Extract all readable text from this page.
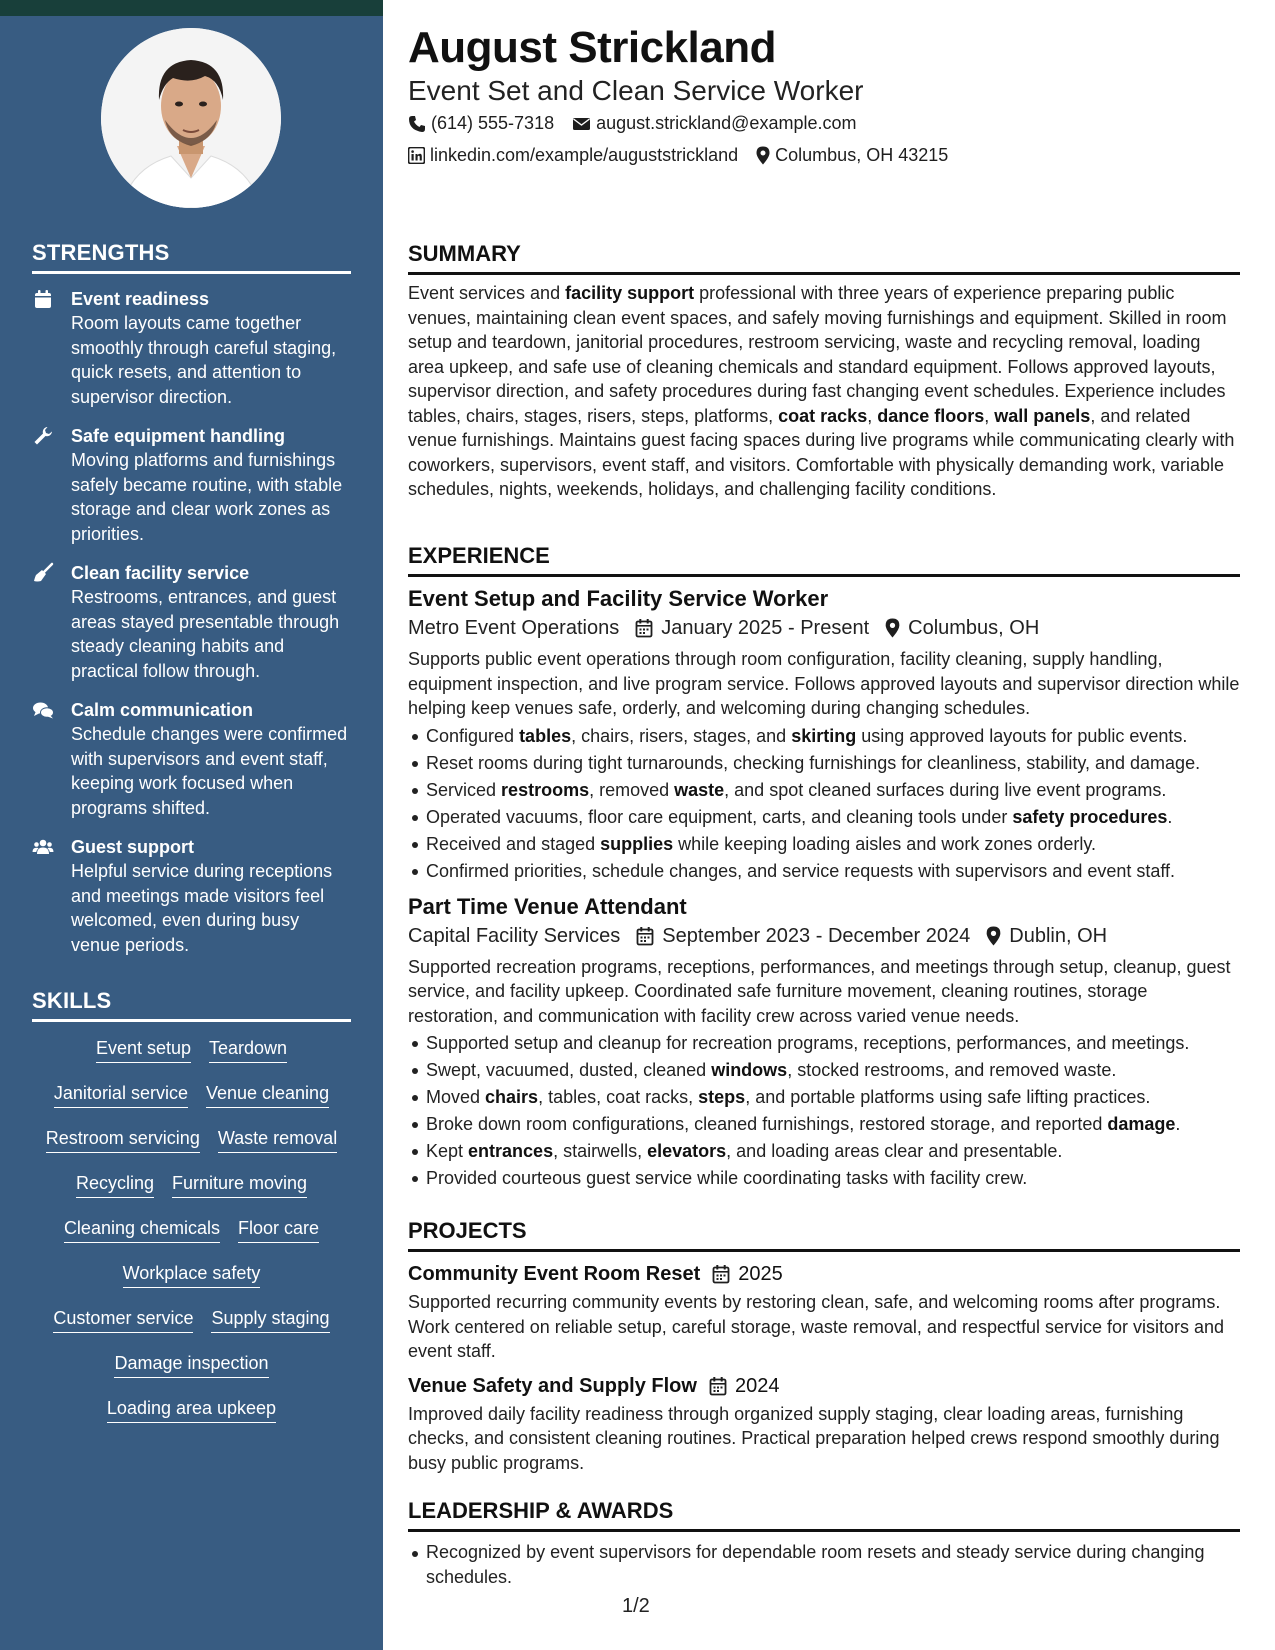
STRENGTHS
Event readiness
Room layouts came together smoothly through careful staging, quick resets, and attention to supervisor direction.
Safe equipment handling
Moving platforms and furnishings safely became routine, with stable storage and clear work zones as priorities.
Clean facility service
Restrooms, entrances, and guest areas stayed presentable through steady cleaning habits and practical follow through.
Calm communication
Schedule changes were confirmed with supervisors and event staff, keeping work focused when programs shifted.
Guest support
Helpful service during receptions and meetings made visitors feel welcomed, even during busy venue periods.
SKILLS
Event setup Teardown
Janitorial service Venue cleaning
Restroom servicing Waste removal
Recycling Furniture moving
Cleaning chemicals Floor care
Workplace safety
Customer service Supply staging
Damage inspection
Loading area upkeep
August Strickland
Event Set and Clean Service Worker
(614) 555-7318 august.strickland@example.com
linkedin.com/example/auguststrickland Columbus, OH 43215
SUMMARY

Event services and facility support professional with three years of experience preparing public venues, maintaining clean event spaces, and safely moving furnishings and equipment. Skilled in room setup and teardown, janitorial procedures, restroom servicing, waste and recycling removal, loading area upkeep, and safe use of cleaning chemicals and standard equipment. Follows approved layouts, supervisor direction, and safety procedures during fast changing event schedules. Experience includes tables, chairs, stages, risers, steps, platforms, coat racks, dance floors, wall panels, and related venue furnishings. Maintains guest facing spaces during live programs while communicating clearly with coworkers, supervisors, event staff, and visitors. Comfortable with physically demanding work, variable schedules, nights, weekends, holidays, and challenging facility conditions.

EXPERIENCE
Event Setup and Facility Service Worker
Metro Event Operations January 2025 - Present Columbus, OH

Supports public event operations through room configuration, facility cleaning, supply handling, equipment inspection, and live program service. Follows approved layouts and supervisor direction while helping keep venues safe, orderly, and welcoming during changing schedules.

Configured tables, chairs, risers, stages, and skirting using approved layouts for public events.
Reset rooms during tight turnarounds, checking furnishings for cleanliness, stability, and damage.
Serviced restrooms, removed waste, and spot cleaned surfaces during live event programs.
Operated vacuums, floor care equipment, carts, and cleaning tools under safety procedures.
Received and staged supplies while keeping loading aisles and work zones orderly.
Confirmed priorities, schedule changes, and service requests with supervisors and event staff.
Part Time Venue Attendant
Capital Facility Services September 2023 - December 2024 Dublin, OH

Supported recreation programs, receptions, performances, and meetings through setup, cleanup, guest service, and facility upkeep. Coordinated safe furniture movement, cleaning routines, storage restoration, and communication with facility crew across varied venue needs.

Supported setup and cleanup for recreation programs, receptions, performances, and meetings.
Swept, vacuumed, dusted, cleaned windows, stocked restrooms, and removed waste.
Moved chairs, tables, coat racks, steps, and portable platforms using safe lifting practices.
Broke down room configurations, cleaned furnishings, restored storage, and reported damage.
Kept entrances, stairwells, elevators, and loading areas clear and presentable.
Provided courteous guest service while coordinating tasks with facility crew.
PROJECTS
Community Event Room Reset 2025

Supported recurring community events by restoring clean, safe, and welcoming rooms after programs. Work centered on reliable setup, careful storage, waste removal, and respectful service for visitors and event staff.

Venue Safety and Supply Flow 2024

Improved daily facility readiness through organized supply staging, clear loading areas, furnishing checks, and consistent cleaning routines. Practical preparation helped crews respond smoothly during busy public programs.

LEADERSHIP & AWARDS
Recognized by event supervisors for dependable room resets and steady service during changing schedules.
1/2
